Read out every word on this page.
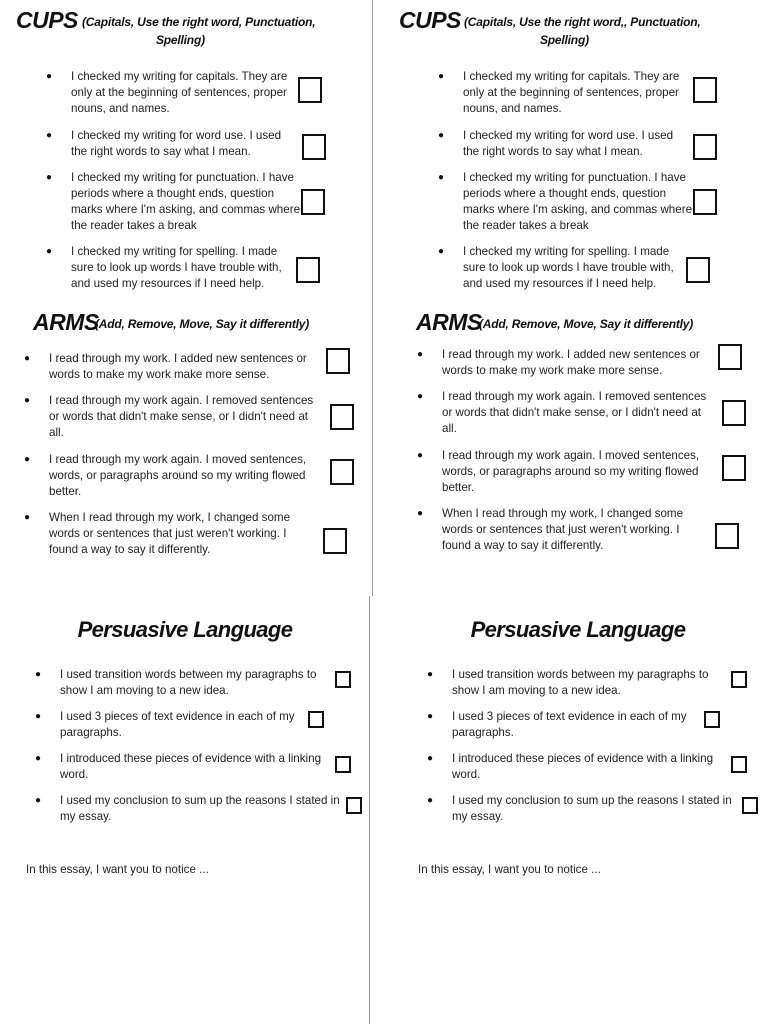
CUPS (Capitals, Use the right word, Punctuation,
Spelling)
● I checked my writing for capitals. They are only at the beginning of sentences, proper nouns, and names.
● I checked my writing for word use. I used the right words to say what I mean.
● I checked my writing for punctuation. I have periods where a thought ends, question marks where I'm asking, and commas where the reader takes a break
● I checked my writing for spelling. I made sure to look up words I have trouble with, and used my resources if I need help.
ARMS
(Add, Remove, Move, Say it differently)
● I read through my work. I added new sentences or words to make my work make more sense.
● I read through my work again. I removed sentences or words that didn't make sense, or I didn't need at all.
● I read through my work again. I moved sentences, words, or paragraphs around so my writing flowed better.
● When I read through my work, I changed some words or sentences that just weren't working. I found a way to say it differently.
Persuasive Language
● I used transition words between my paragraphs to show I am moving to a new idea.
● I used 3 pieces of text evidence in each of my paragraphs.
● I introduced these pieces of evidence with a linking word.
● I used my conclusion to sum up the reasons I stated in my essay.
In this essay, I want you to notice ...
CUPS (Capitals, Use the right word,, Punctuation,
Spelling)
● I checked my writing for capitals. They are only at the beginning of sentences, proper nouns, and names.
● I checked my writing for word use. I used the right words to say what I mean.
● I checked my writing for punctuation. I have periods where a thought ends, question marks where I'm asking, and commas where the reader takes a break
● I checked my writing for spelling. I made sure to look up words I have trouble with, and used my resources if I need help.
ARMS
(Add, Remove, Move, Say it differently)
● I read through my work. I added new sentences or words to make my work make more sense.
● I read through my work again. I removed sentences or words that didn't make sense, or I didn't need at all.
● I read through my work again. I moved sentences, words, or paragraphs around so my writing flowed better.
● When I read through my work, I changed some words or sentences that just weren't working. I found a way to say it differently.
Persuasive Language
● I used transition words between my paragraphs to show I am moving to a new idea.
● I used 3 pieces of text evidence in each of my paragraphs.
● I introduced these pieces of evidence with a linking word.
● I used my conclusion to sum up the reasons I stated in my essay.
In this essay, I want you to notice ...
